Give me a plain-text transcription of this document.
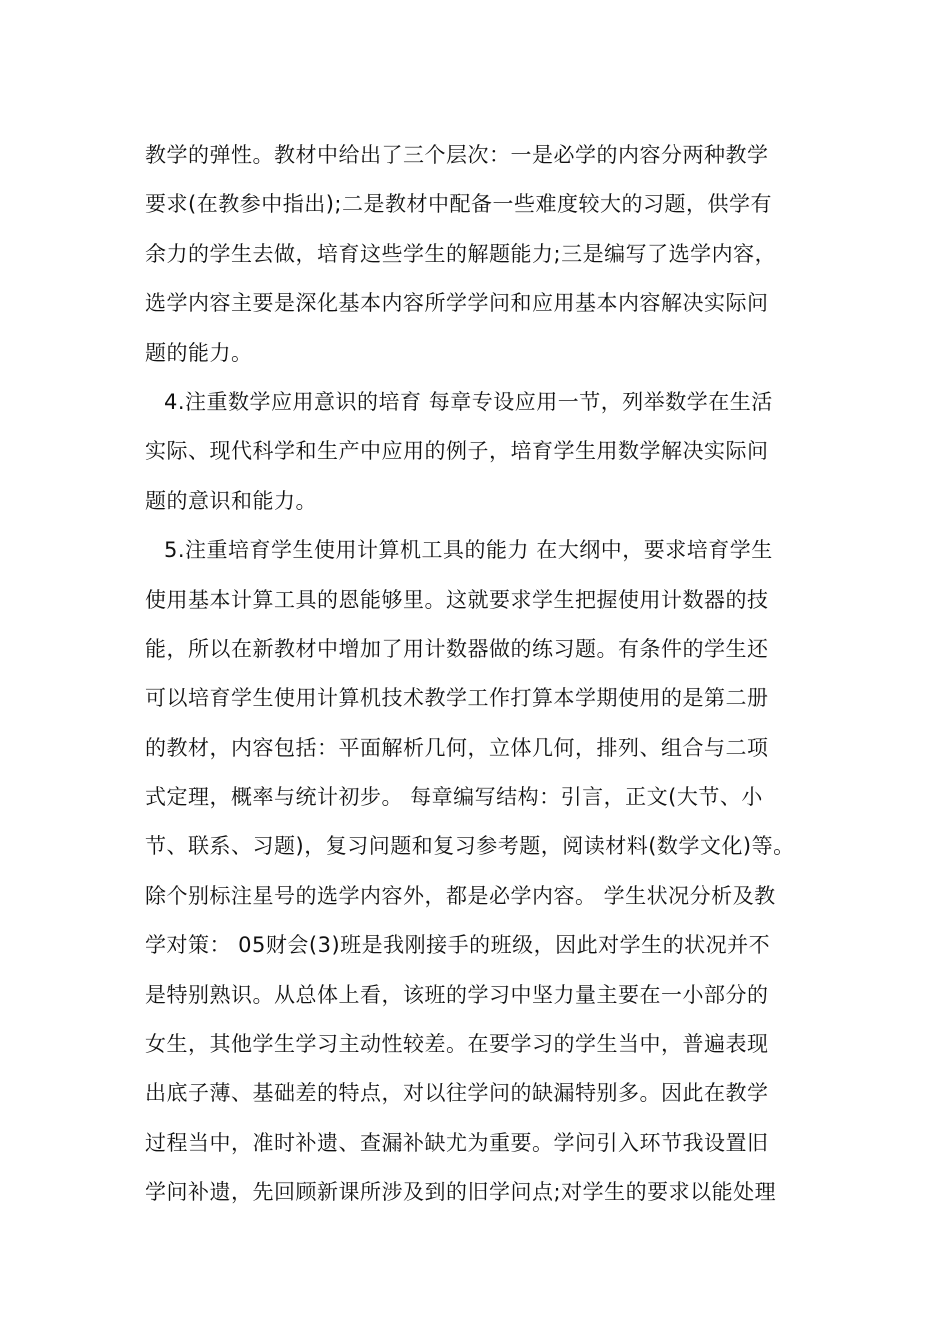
教学的弹性。教材中给出了三个层次：一是必学的内容分两种教学
要求(在教参中指出);二是教材中配备一些难度较大的习题，供学有
余力的学生去做，培育这些学生的解题能力;三是编写了选学内容，
选学内容主要是深化基本内容所学学问和应用基本内容解决实际问
题的能力。
4.注重数学应用意识的培育 每章专设应用一节，列举数学在生活
实际、现代科学和生产中应用的例子，培育学生用数学解决实际问
题的意识和能力。
5.注重培育学生使用计算机工具的能力 在大纲中，要求培育学生
使用基本计算工具的恩能够里。这就要求学生把握使用计数器的技
能，所以在新教材中增加了用计数器做的练习题。有条件的学生还
可以培育学生使用计算机技术教学工作打算本学期使用的是第二册
的教材，内容包括：平面解析几何，立体几何，排列、组合与二项
式定理，概率与统计初步。 每章编写结构：引言，正文(大节、小
节、联系、习题)，复习问题和复习参考题，阅读材料(数学文化)等。
除个别标注星号的选学内容外，都是必学内容。 学生状况分析及教
学对策： 05财会(3)班是我刚接手的班级，因此对学生的状况并不
是特别熟识。从总体上看，该班的学习中坚力量主要在一小部分的
女生，其他学生学习主动性较差。在要学习的学生当中，普遍表现
出底子薄、基础差的特点，对以往学问的缺漏特别多。因此在教学
过程当中，准时补遗、查漏补缺尤为重要。学问引入环节我设置旧
学问补遗，先回顾新课所涉及到的旧学问点;对学生的要求以能处理
